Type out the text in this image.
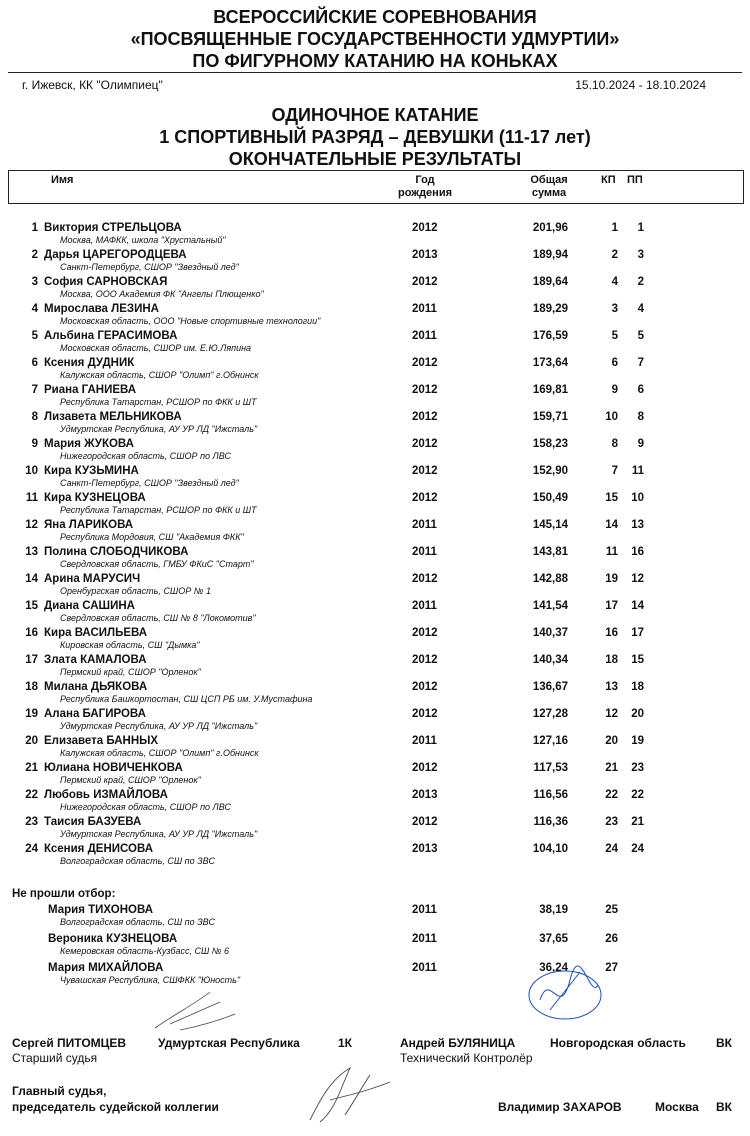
ВСЕРОССИЙСКИЕ СОРЕВНОВАНИЯ
«ПОСВЯЩЕННЫЕ ГОСУДАРСТВЕННОСТИ УДМУРТИИ»
ПО ФИГУРНОМУ КАТАНИЮ НА КОНЬКАХ
г. Ижевск, КК "Олимпиец"	15.10.2024 - 18.10.2024
ОДИНОЧНОЕ КАТАНИЕ
1 СПОРТИВНЫЙ РАЗРЯД – ДЕВУШКИ (11-17 лет)
ОКОНЧАТЕЛЬНЫЕ РЕЗУЛЬТАТЫ
Имя	Год
рождения
Общая
сумма
КП ПП
1 Виктория СТРЕЛЬЦОВА
Москва, МАФКК, школа "Хрустальный"
2012	201,96	1	1
2 Дарья ЦАРЕГОРОДЦЕВА
Санкт-Петербург, СШОР "Звездный лед"
2013	189,94	2	3
3 София САРНОВСКАЯ
Москва, ООО Академия ФК "Ангелы Плющенко"
2012	189,64	4	2
4 Мирослава ЛЕЗИНА
Московская область, ООО "Новые спортивные технологии"
2011	189,29	3	4
5 Альбина ГЕРАСИМОВА
Московская область, СШОР им. Е.Ю.Ляпина
2011	176,59	5	5
6 Ксения ДУДНИК
Калужская область, СШОР "Олимп" г.Обнинск
2012	173,64	6	7
7 Риана ГАНИЕВА
Республика Татарстан, РСШОР по ФКК и ШТ
2012	169,81	9	6
8 Лизавета МЕЛЬНИКОВА
Удмуртская Республика, АУ УР ЛД "Ижсталь"
2012	159,71	10	8
9 Мария ЖУКОВА
Нижегородская область, СШОР по ЛВС
2012	158,23	8	9
10 Кира КУЗЬМИНА
Санкт-Петербург, СШОР "Звездный лед"
2012	152,90	7	11
11 Кира КУЗНЕЦОВА
Республика Татарстан, РСШОР по ФКК и ШТ
2012	150,49	15	10
12 Яна ЛАРИКОВА
Республика Мордовия, СШ "Академия ФКК"
2011	145,14	14	13
13 Полина СЛОБОДЧИКОВА
Свердловская область, ГМБУ ФКиС "Старт"
2011	143,81	11	16
14 Арина МАРУСИЧ
Оренбургская область, СШОР № 1
2012	142,88	19	12
15 Диана САШИНА
Свердловская область, СШ № 8 "Локомотив"
2011	141,54	17	14
16 Кира ВАСИЛЬЕВА
Кировская область, СШ "Дымка"
2012	140,37	16	17
17 Злата КАМАЛОВА
Пермский край, СШОР "Орленок"
2012	140,34	18	15
18 Милана ДЬЯКОВА
Республика Башкортостан, СШ ЦСП РБ им. У.Мустафина
2012	136,67	13	18
19 Алана БАГИРОВА
Удмуртская Республика, АУ УР ЛД "Ижсталь"
2012	127,28	12	20
20 Елизавета БАННЫХ
Калужская область, СШОР "Олимп" г.Обнинск
2011	127,16	20	19
21 Юлиана НОВИЧЕНКОВА
Пермский край, СШОР "Орленок"
2012	117,53	21	23
22 Любовь ИЗМАЙЛОВА
Нижегородская область, СШОР по ЛВС
2013	116,56	22	22
23 Таисия БАЗУЕВА
Удмуртская Республика, АУ УР ЛД "Ижсталь"
2012	116,36	23	21
24 Ксения ДЕНИСОВА
Волгоградская область, СШ по ЗВС
2013	104,10	24	24
Не прошли отбор:
Мария ТИХОНОВА
Волгоградская область, СШ по ЗВС
2011	38,19	25
Вероника КУЗНЕЦОВА
Кемеровская область-Кузбасс, СШ № 6
2011	37,65	26
Мария МИХАЙЛОВА
Чувашская Республика, СШФКК "Юность"
2011	36,24	27
Сергей ПИТОМЦЕВ	Удмуртская Республика	1К
Старший судья
Андрей БУЛЯНИЦА	Новгородская область	ВК
Технический Контролёр
Главный судья,
председатель судейской коллегии	Владимир ЗАХАРОВ	Москва ВК
